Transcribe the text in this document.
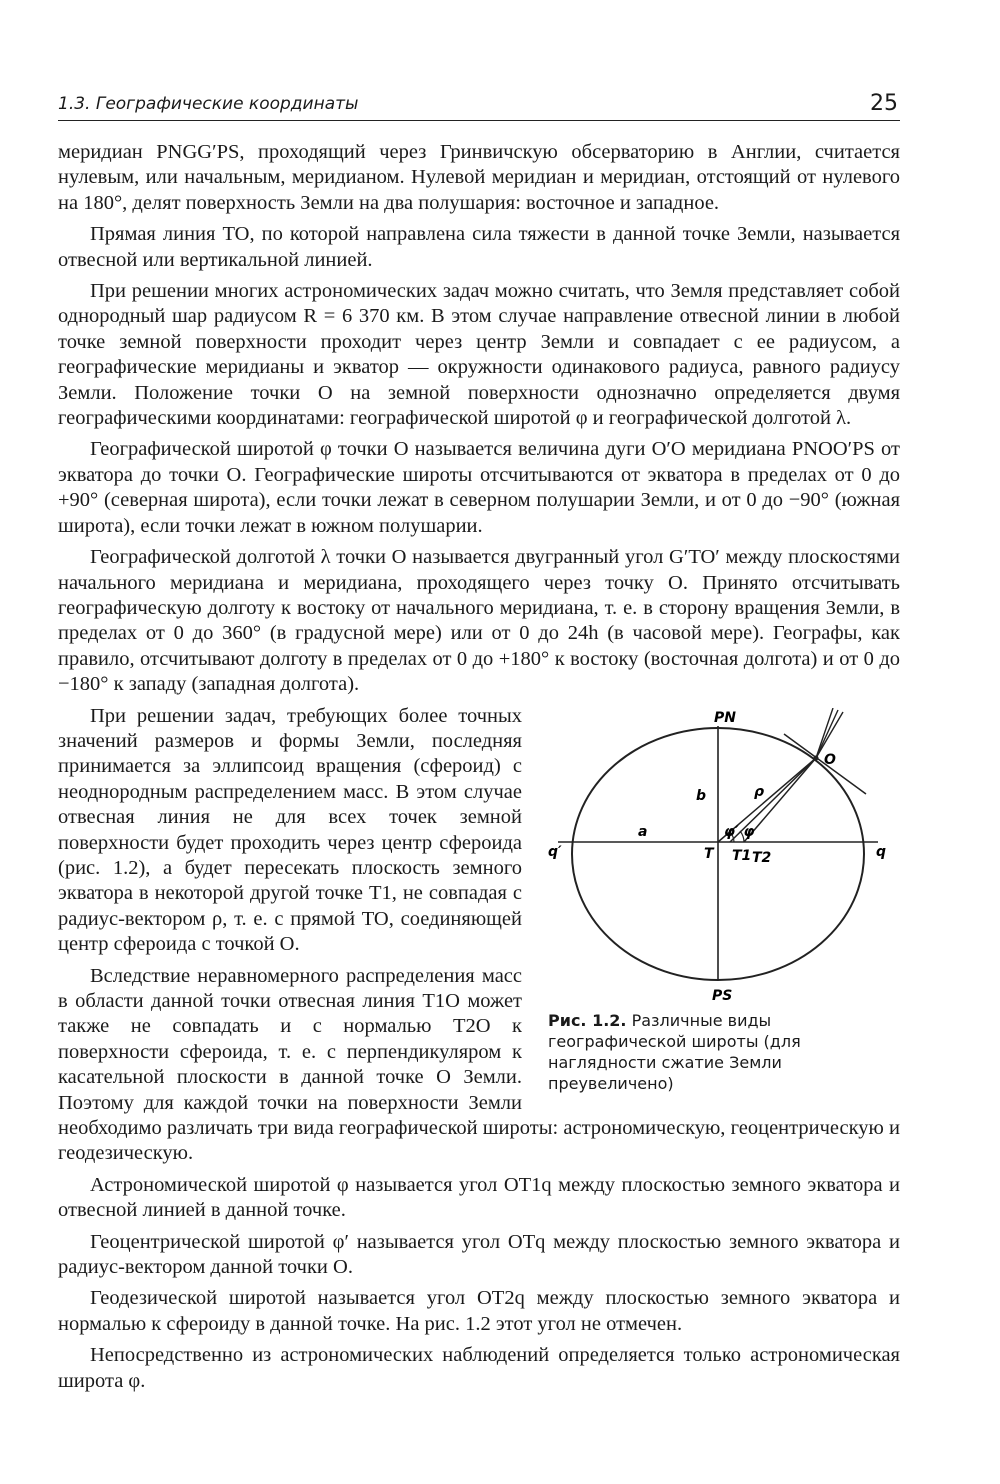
1.3. Географические координаты	25

меридиан PNGG′PS, проходящий через Гринвичскую обсерваторию в Англии, считается нулевым, или начальным, меридианом. Нулевой меридиан и меридиан, отстоящий от нулевого на 180°, делят поверхность Земли на два полушария: восточное и западное.

Прямая линия TO, по которой направлена сила тяжести в данной точке Земли, называется отвесной или вертикальной линией.

При решении многих астрономических задач можно считать, что Земля представляет собой однородный шар радиусом R = 6 370 км. В этом случае направление отвесной линии в любой точке земной поверхности проходит через центр Земли и совпадает с ее радиусом, а географические меридианы и экватор — окружности одинакового радиуса, равного радиусу Земли. Положение точки O на земной поверхности однозначно определяется двумя географическими координатами: географической широтой φ и географической долготой λ.

Географической широтой φ точки O называется величина дуги O′O меридиана PNOO′PS от экватора до точки O. Географические широты отсчитываются от экватора в пределах от 0 до +90° (северная широта), если точки лежат в северном полушарии Земли, и от 0 до −90° (южная широта), если точки лежат в южном полушарии.

Географической долготой λ точки O называется двугранный угол G′TO′ между плоскостями начального меридиана и меридиана, проходящего через точку O. Принято отсчитывать географическую долготу к востоку от начального меридиана, т. е. в сторону вращения Земли, в пределах от 0 до 360° (в градусной мере) или от 0 до 24h (в часовой мере). Географы, как правило, отсчитывают долготу в пределах от 0 до +180° к востоку (восточная долгота) и от 0 до −180° к западу (западная долгота).

PN
PS
O
b	ρ
a
q′	q
T T1 T2
φ′ φ
Рис. 1.2. Различные виды географической широты (для наглядности сжатие Земли преувеличено)

При решении задач, требующих более точных значений размеров и формы Земли, последняя принимается за эллипсоид вращения (сфероид) с неоднородным распределением масс. В этом случае отвесная линия не для всех точек земной поверхности будет проходить через центр сфероида (рис. 1.2), а будет пересекать плоскость земного экватора в некоторой другой точке T1, не совпадая с радиус-вектором ρ, т. е. с прямой TO, соединяющей центр сфероида с точкой O.

Вследствие неравномерного распределения масс в области данной точки отвесная линия T1O может также не совпадать и с нормалью T2O к поверхности сфероида, т. е. с перпендикуляром к касательной плоскости в данной точке O Земли. Поэтому для каждой точки на поверхности Земли необходимо различать три вида географической широты: астрономическую, геоцентрическую и геодезическую.

Астрономической широтой φ называется угол OT1q между плоскостью земного экватора и отвесной линией в данной точке.

Геоцентрической широтой φ′ называется угол OTq между плоскостью земного экватора и радиус-вектором данной точки O.

Геодезической широтой называется угол OT2q между плоскостью земного экватора и нормалью к сфероиду в данной точке. На рис. 1.2 этот угол не отмечен.

Непосредственно из астрономических наблюдений определяется только астрономическая широта φ.
